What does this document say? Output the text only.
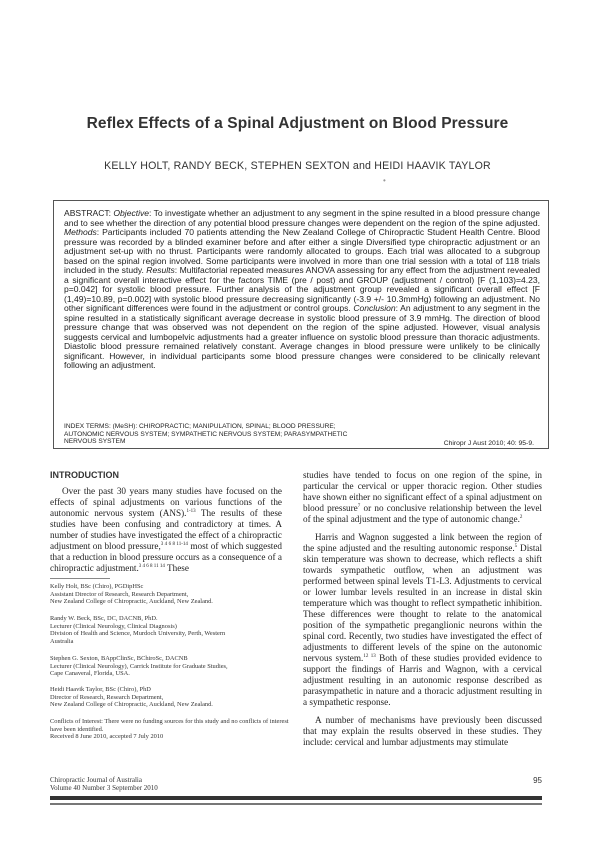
Reflex Effects of a Spinal Adjustment on Blood Pressure
KELLY HOLT, RANDY BECK, STEPHEN SEXTON and HEIDI HAAVIK TAYLOR
•

ABSTRACT: Objective: To investigate whether an adjustment to any segment in the spine resulted in a blood pressure change and to see whether the direction of any potential blood pressure changes were dependent on the region of the spine adjusted. Methods: Participants included 70 patients attending the New Zealand College of Chiropractic Student Health Centre. Blood pressure was recorded by a blinded examiner before and after either a single Diversified type chiropractic adjustment or an adjustment set-up with no thrust. Participants were randomly allocated to groups. Each trial was allocated to a subgroup based on the spinal region involved. Some participants were involved in more than one trial session with a total of 118 trials included in the study. Results: Multifactorial repeated measures ANOVA assessing for any effect from the adjustment revealed a significant overall interactive effect for the factors TIME (pre / post) and GROUP (adjustment / control) [F (1,103)=4.23, p=0.042] for systolic blood pressure. Further analysis of the adjustment group revealed a significant overall effect [F (1,49)=10.89, p=0.002] with systolic blood pressure decreasing significantly (-3.9 +/- 10.3mmHg) following an adjustment. No other significant differences were found in the adjustment or control groups. Conclusion: An adjustment to any segment in the spine resulted in a statistically significant average decrease in systolic blood pressure of 3.9 mmHg. The direction of blood pressure change that was observed was not dependent on the region of the spine adjusted. However, visual analysis suggests cervical and lumbopelvic adjustments had a greater influence on systolic blood pressure than thoracic adjustments. Diastolic blood pressure remained relatively constant. Average changes in blood pressure were unlikely to be clinically significant. However, in individual participants some blood pressure changes were considered to be clinically relevant following an adjustment.

INDEX TERMS: (MeSH): CHIROPRACTIC; MANIPULATION, SPINAL; BLOOD PRESSURE; AUTONOMIC NERVOUS SYSTEM; SYMPATHETIC NERVOUS SYSTEM; PARASYMPATHETIC NERVOUS SYSTEM	Chiropr J Aust 2010; 40: 95-9.
INTRODUCTION

Over the past 30 years many studies have focused on the effects of spinal adjustments on various functions of the autonomic nervous system (ANS).$^{1-13}$ The results of these studies have been confusing and contradictory at times. A number of studies have investigated the effect of a chiropractic adjustment on blood pressure,$^{3 4 6 8 11-14}$ most of which suggested that a reduction in blood pressure occurs as a consequence of a chiropractic adjustment.$^{3 4 6 8 11 14}$ These

Kelly Holt, BSc (Chiro), PGDipHSc
Assistant Director of Research, Research Department,
New Zealand College of Chiropractic, Auckland, New Zealand.

Randy W. Beck, BSc, DC, DACNB, PhD.
Lecturer (Clinical Neurology, Clinical Diagnosis)
Division of Health and Science, Murdoch University, Perth, Western
Australia

Stephen G. Sexton, BAppClinSc, BChiroSc, DACNB
Lecturer (Clinical Neurology), Carrick Institute for Graduate Studies,
Cape Canaveral, Florida, USA.

Heidi Haavik Taylor, BSc (Chiro), PhD
Director of Research, Research Department,
New Zealand College of Chiropractic, Auckland, New Zealand.

Conflicts of Interest: There were no funding sources for this study and no conflicts of interest have been identified.
Received 8 June 2010, accepted 7 July 2010

studies have tended to focus on one region of the spine, in particular the cervical or upper thoracic region. Other studies have shown either no significant effect of a spinal adjustment on blood pressure$^7$ or no conclusive relationship between the level of the spinal adjustment and the type of autonomic change.$^2$

Harris and Wagnon suggested a link between the region of the spine adjusted and the resulting autonomic response.$^5$ Distal skin temperature was shown to decrease, which reflects a shift towards sympathetic outflow, when an adjustment was performed between spinal levels T1-L3. Adjustments to cervical or lower lumbar levels resulted in an increase in distal skin temperature which was thought to reflect sympathetic inhibition. These differences were thought to relate to the anatomical position of the sympathetic preganglionic neurons within the spinal cord. Recently, two studies have investigated the effect of adjustments to different levels of the spine on the autonomic nervous system.$^{12 13}$ Both of these studies provided evidence to support the findings of Harris and Wagnon, with a cervical adjustment resulting in an autonomic response described as parasympathetic in nature and a thoracic adjustment resulting in a sympathetic response.

A number of mechanisms have previously been discussed that may explain the results observed in these studies. They include: cervical and lumbar adjustments may stimulate

Chiropractic Journal of Australia
Volume 40 Number 3 September 2010
95
